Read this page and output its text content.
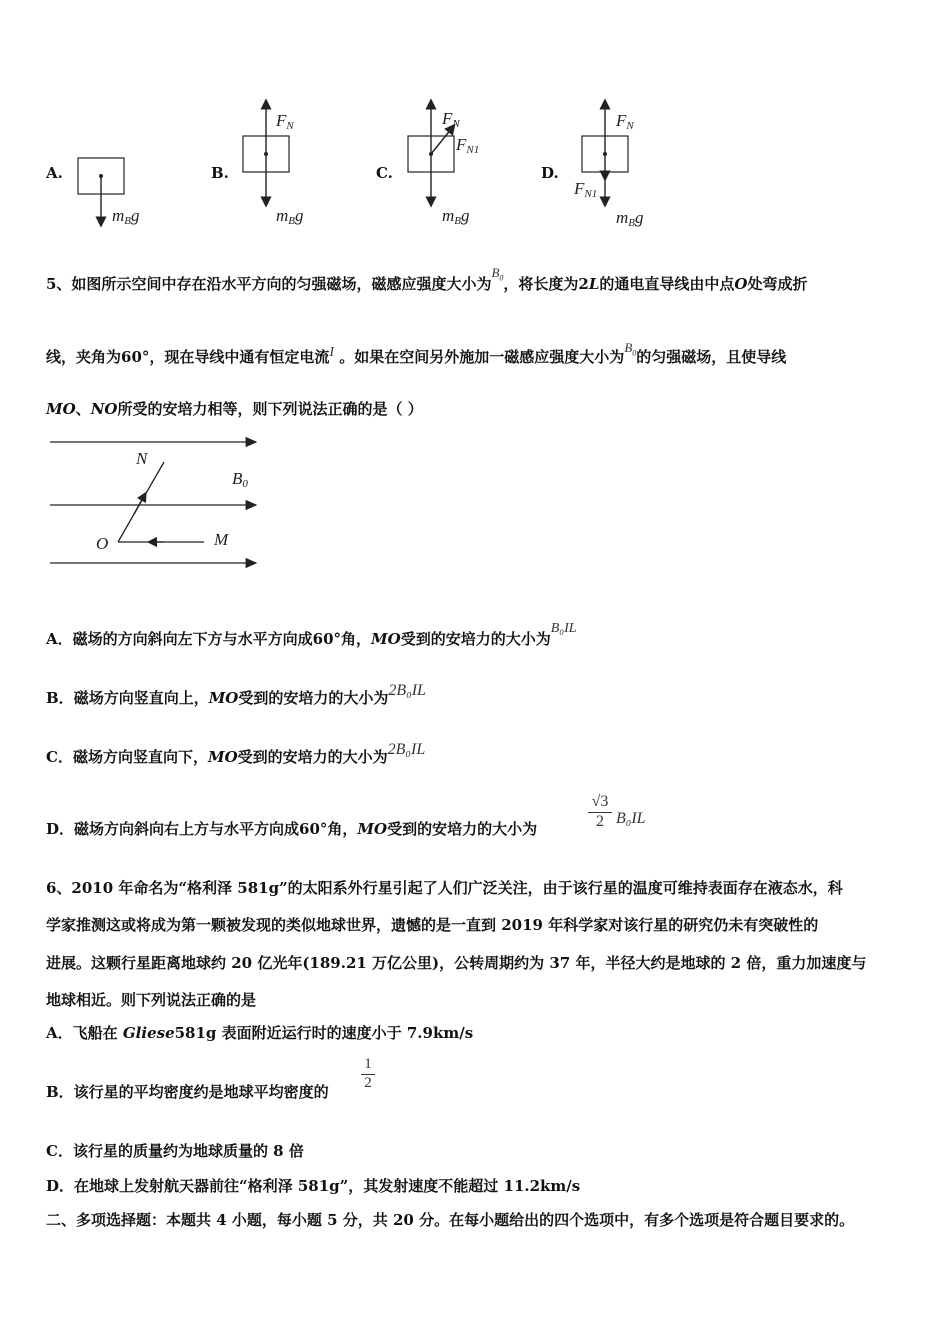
A.	B.	C.	D.
mBg
FN
mBg
FN
FN1
mBg
FN
FN1
mBg
5、如图所示空间中存在沿水平方向的匀强磁场，磁感应强度大小为$B_0$，将长度为2L的通电直导线由中点O处弯成折
线，夹角为60°，现在导线中通有恒定电流I 。如果在空间另外施加一磁感应强度大小为$B_0$的匀强磁场，且使导线
MO、NO所受的安培力相等，则下列说法正确的是（ ）
N
B0
O	M
A．磁场的方向斜向左下方与水平方向成60°角，MO受到的安培力的大小为B₀IL
B．磁场方向竖直向上，MO受到的安培力的大小为2B₀IL
C．磁场方向竖直向下，MO受到的安培力的大小为2B₀IL
D．磁场方向斜向右上方与水平方向成60°角，MO受到的安培力的大小为	$\frac{√3}{2} B_0IL$
6、2010 年命名为“格利泽 581g”的太阳系外行星引起了人们广泛关注，由于该行星的温度可维持表面存在液态水，科
学家推测这或将成为第一颗被发现的类似地球世界，遗憾的是一直到 2019 年科学家对该行星的研究仍未有突破性的
进展。这颗行星距离地球约 20 亿光年(189.21 万亿公里)，公转周期约为 37 年，半径大约是地球的 2 倍，重力加速度与
地球相近。则下列说法正确的是
A．飞船在 Gliese581g 表面附近运行时的速度小于 7.9km/s
B．该行星的平均密度约是地球平均密度的 $\frac{1}{2}$
C．该行星的质量约为地球质量的 8 倍
D．在地球上发射航天器前往“格利泽 581g”，其发射速度不能超过 11.2km/s
二、多项选择题：本题共 4 小题，每小题 5 分，共 20 分。在每小题给出的四个选项中，有多个选项是符合题目要求的。
